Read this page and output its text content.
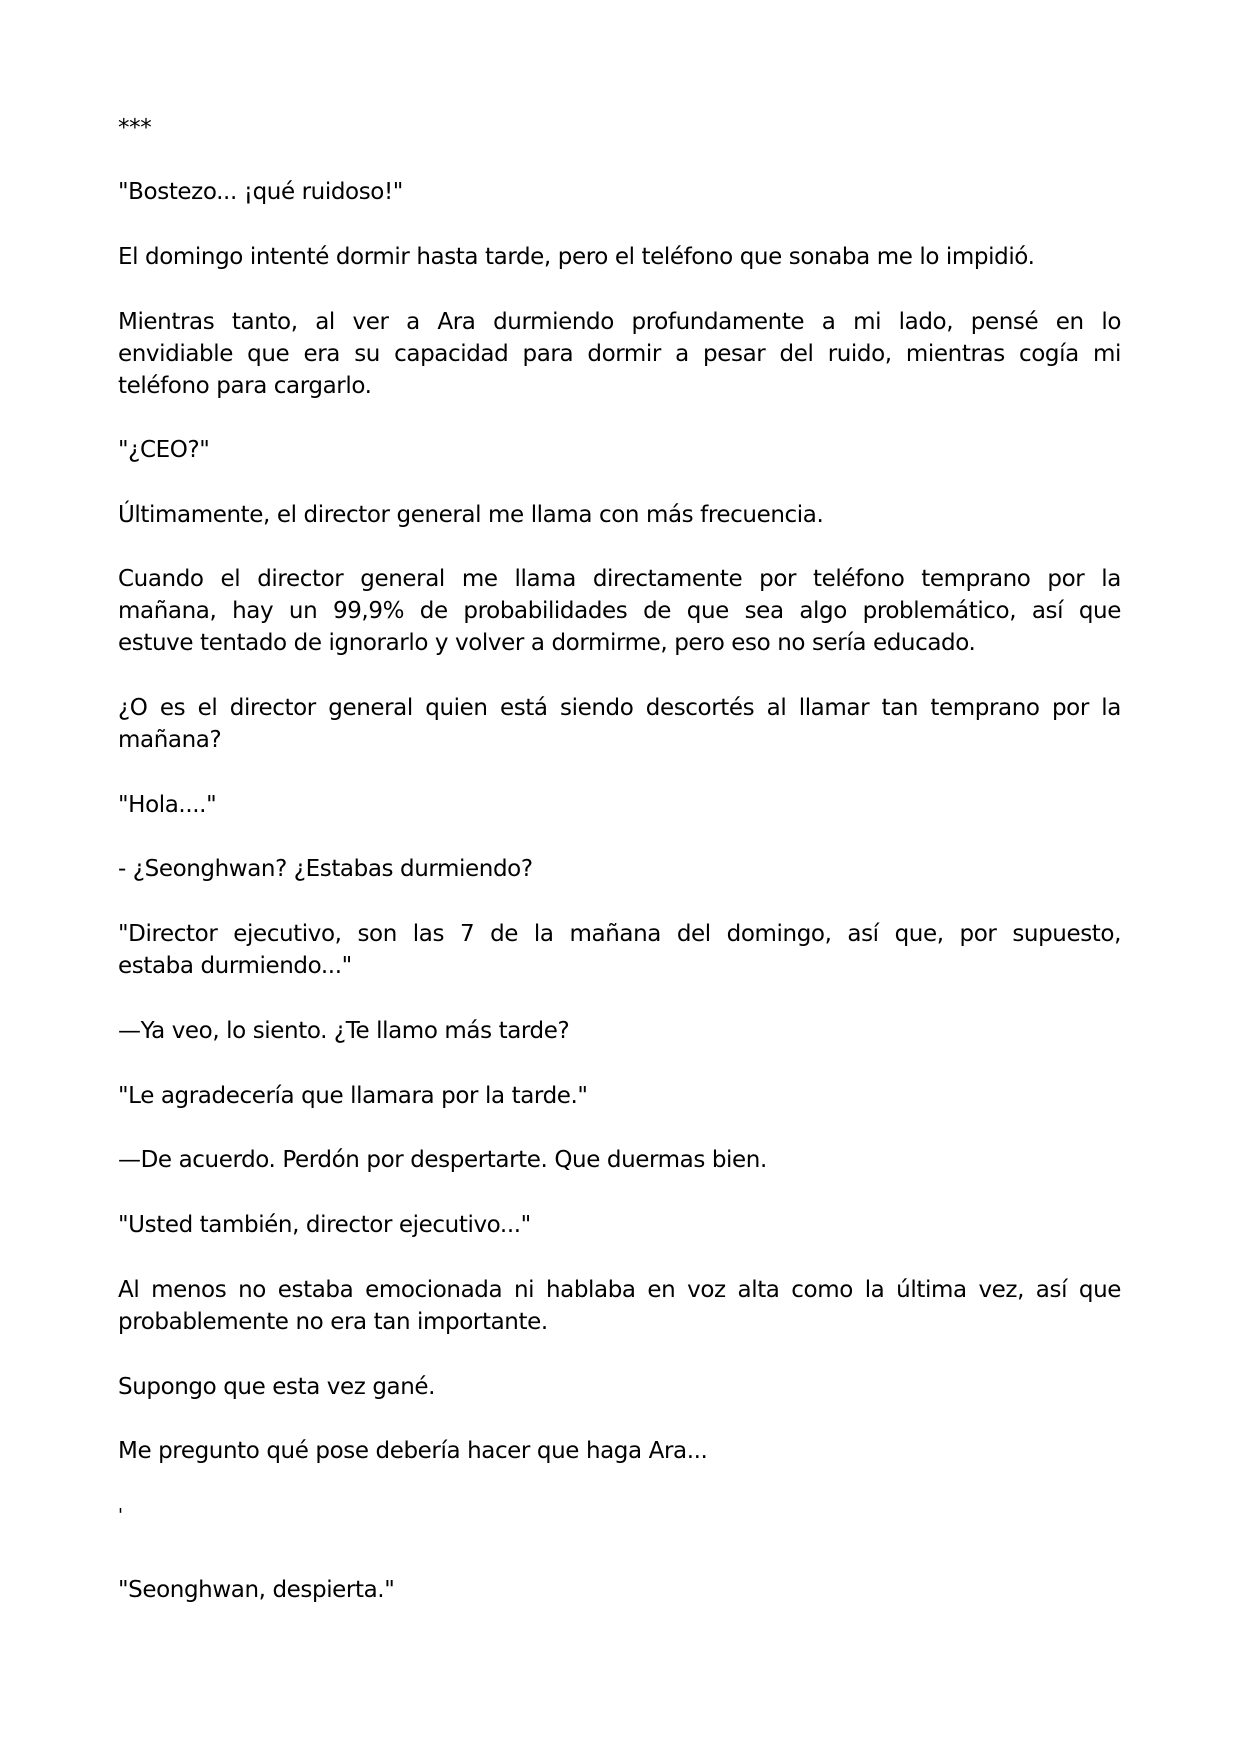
***

"Bostezo... ¡qué ruidoso!"

El domingo intenté dormir hasta tarde, pero el teléfono que sonaba me lo impidió.

Mientras tanto, al ver a Ara durmiendo profundamente a mi lado, pensé en lo
envidiable que era su capacidad para dormir a pesar del ruido, mientras cogía mi
teléfono para cargarlo.

"¿CEO?"

Últimamente, el director general me llama con más frecuencia.

Cuando el director general me llama directamente por teléfono temprano por la
mañana, hay un 99,9% de probabilidades de que sea algo problemático, así que
estuve tentado de ignorarlo y volver a dormirme, pero eso no sería educado.

¿O es el director general quien está siendo descortés al llamar tan temprano por la
mañana?

"Hola...."

- ¿Seonghwan? ¿Estabas durmiendo?

"Director ejecutivo, son las 7 de la mañana del domingo, así que, por supuesto,
estaba durmiendo..."

—Ya veo, lo siento. ¿Te llamo más tarde?

"Le agradecería que llamara por la tarde."

—De acuerdo. Perdón por despertarte. Que duermas bien.

"Usted también, director ejecutivo..."

Al menos no estaba emocionada ni hablaba en voz alta como la última vez, así que
probablemente no era tan importante.

Supongo que esta vez gané.

Me pregunto qué pose debería hacer que haga Ara...

'

"Seonghwan, despierta."
